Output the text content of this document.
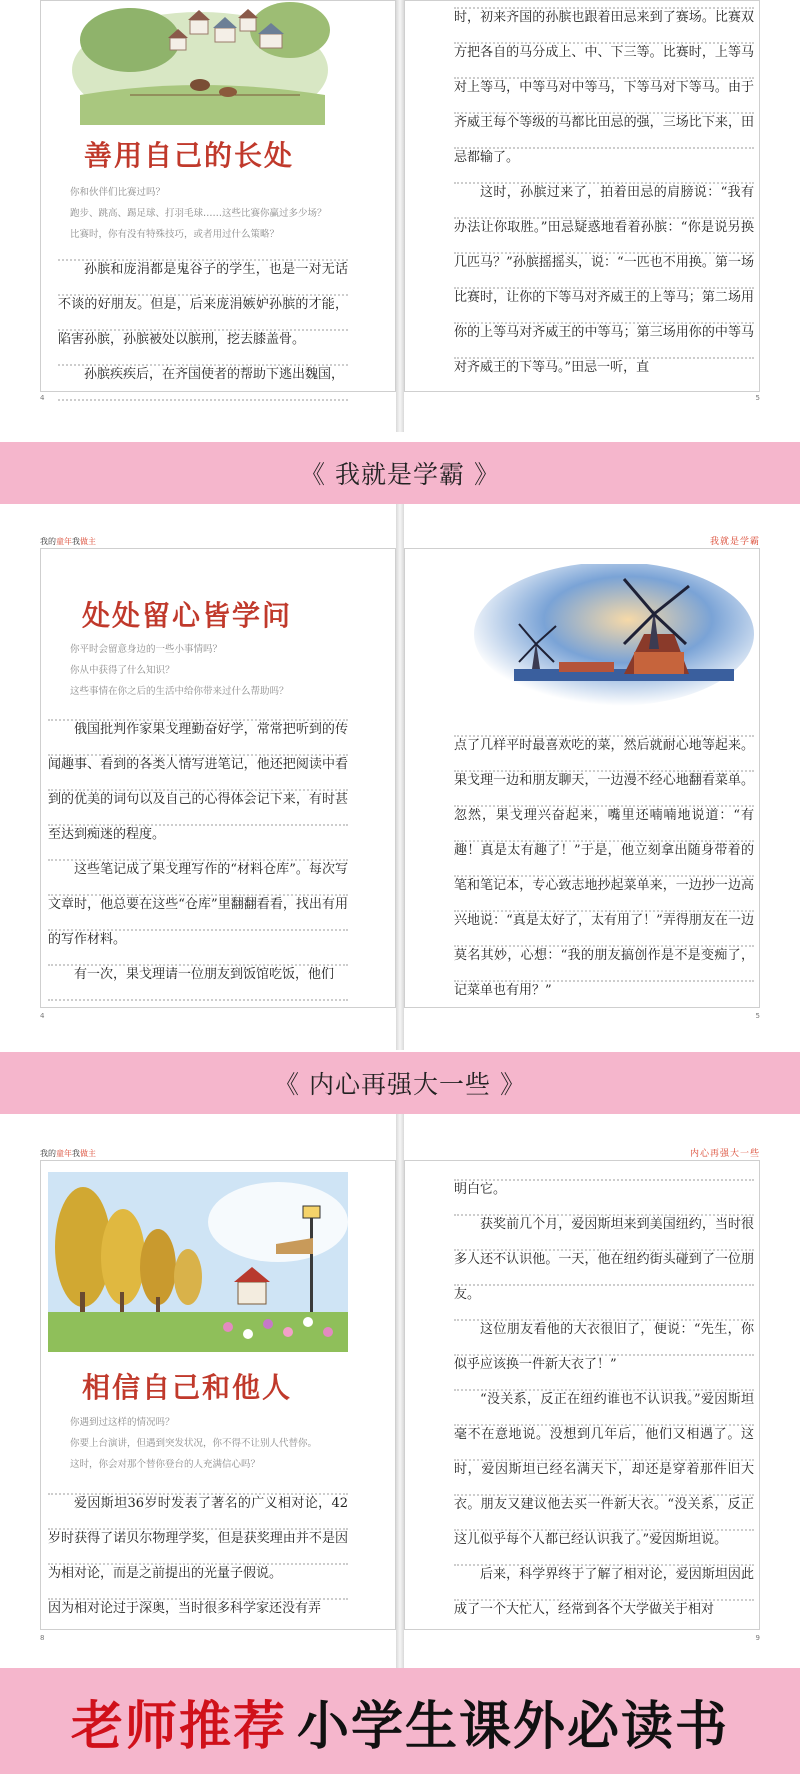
善用自己的长处
你和伙伴们比赛过吗？
跑步、跳高、踢足球、打羽毛球……这些比赛你赢过多少场？
比赛时，你有没有特殊技巧，或者用过什么策略？

孙膑和庞涓都是鬼谷子的学生，也是一对无话不谈的好朋友。但是，后来庞涓嫉妒孙膑的才能，陷害孙膑，孙膑被处以膑刑，挖去膝盖骨。

孙膑疾疾后，在齐国使者的帮助下逃出魏国，

4

时，初来齐国的孙膑也跟着田忌来到了赛场。比赛双方把各自的马分成上、中、下三等。比赛时，上等马对上等马，中等马对中等马，下等马对下等马。由于齐威王每个等级的马都比田忌的强，三场比下来，田忌都输了。

这时，孙膑过来了，拍着田忌的肩膀说：“我有办法让你取胜。”田忌疑惑地看着孙膑：“你是说另换几匹马？”孙膑摇摇头，说：“一匹也不用换。第一场比赛时，让你的下等马对齐威王的上等马；第二场用你的上等马对齐威王的中等马；第三场用你的中等马对齐威王的下等马。”田忌一听，直

5
《 我就是学霸 》
我的童年我做主
处处留心皆学问
你平时会留意身边的一些小事情吗？
你从中获得了什么知识？
这些事情在你之后的生活中给你带来过什么帮助吗？

俄国批判作家果戈理勤奋好学，常常把听到的传闻趣事、看到的各类人情写进笔记，他还把阅读中看到的优美的词句以及自己的心得体会记下来，有时甚至达到痴迷的程度。

这些笔记成了果戈理写作的“材料仓库”。每次写文章时，他总要在这些“仓库”里翻翻看看，找出有用的写作材料。

有一次，果戈理请一位朋友到饭馆吃饭，他们

4
我就是学霸

点了几样平时最喜欢吃的菜，然后就耐心地等起来。果戈理一边和朋友聊天，一边漫不经心地翻看菜单。忽然，果戈理兴奋起来，嘴里还喃喃地说道：“有趣！真是太有趣了！”于是，他立刻拿出随身带着的笔和笔记本，专心致志地抄起菜单来，一边抄一边高兴地说：“真是太好了，太有用了！”弄得朋友在一边莫名其妙，心想：“我的朋友搞创作是不是变痴了，记菜单也有用？”

5
《 内心再强大一些 》
我的童年我做主
相信自己和他人
你遇到过这样的情况吗？
你要上台演讲，但遇到突发状况，你不得不让别人代替你。
这时，你会对那个替你登台的人充满信心吗？

爱因斯坦36岁时发表了著名的广义相对论，42岁时获得了诺贝尔物理学奖，但是获奖理由并不是因为相对论，而是之前提出的光量子假说。

因为相对论过于深奥，当时很多科学家还没有弄

8
内心再强大一些

明白它。

获奖前几个月，爱因斯坦来到美国纽约，当时很多人还不认识他。一天，他在纽约街头碰到了一位朋友。

这位朋友看他的大衣很旧了，便说：“先生，你似乎应该换一件新大衣了！”

“没关系，反正在纽约谁也不认识我。”爱因斯坦毫不在意地说。没想到几年后，他们又相遇了。这时，爱因斯坦已经名满天下，却还是穿着那件旧大衣。朋友又建议他去买一件新大衣。“没关系，反正这儿似乎每个人都已经认识我了。”爱因斯坦说。

后来，科学界终于了解了相对论，爱因斯坦因此成了一个大忙人，经常到各个大学做关于相对

9
老师推荐 小学生课外必读书
